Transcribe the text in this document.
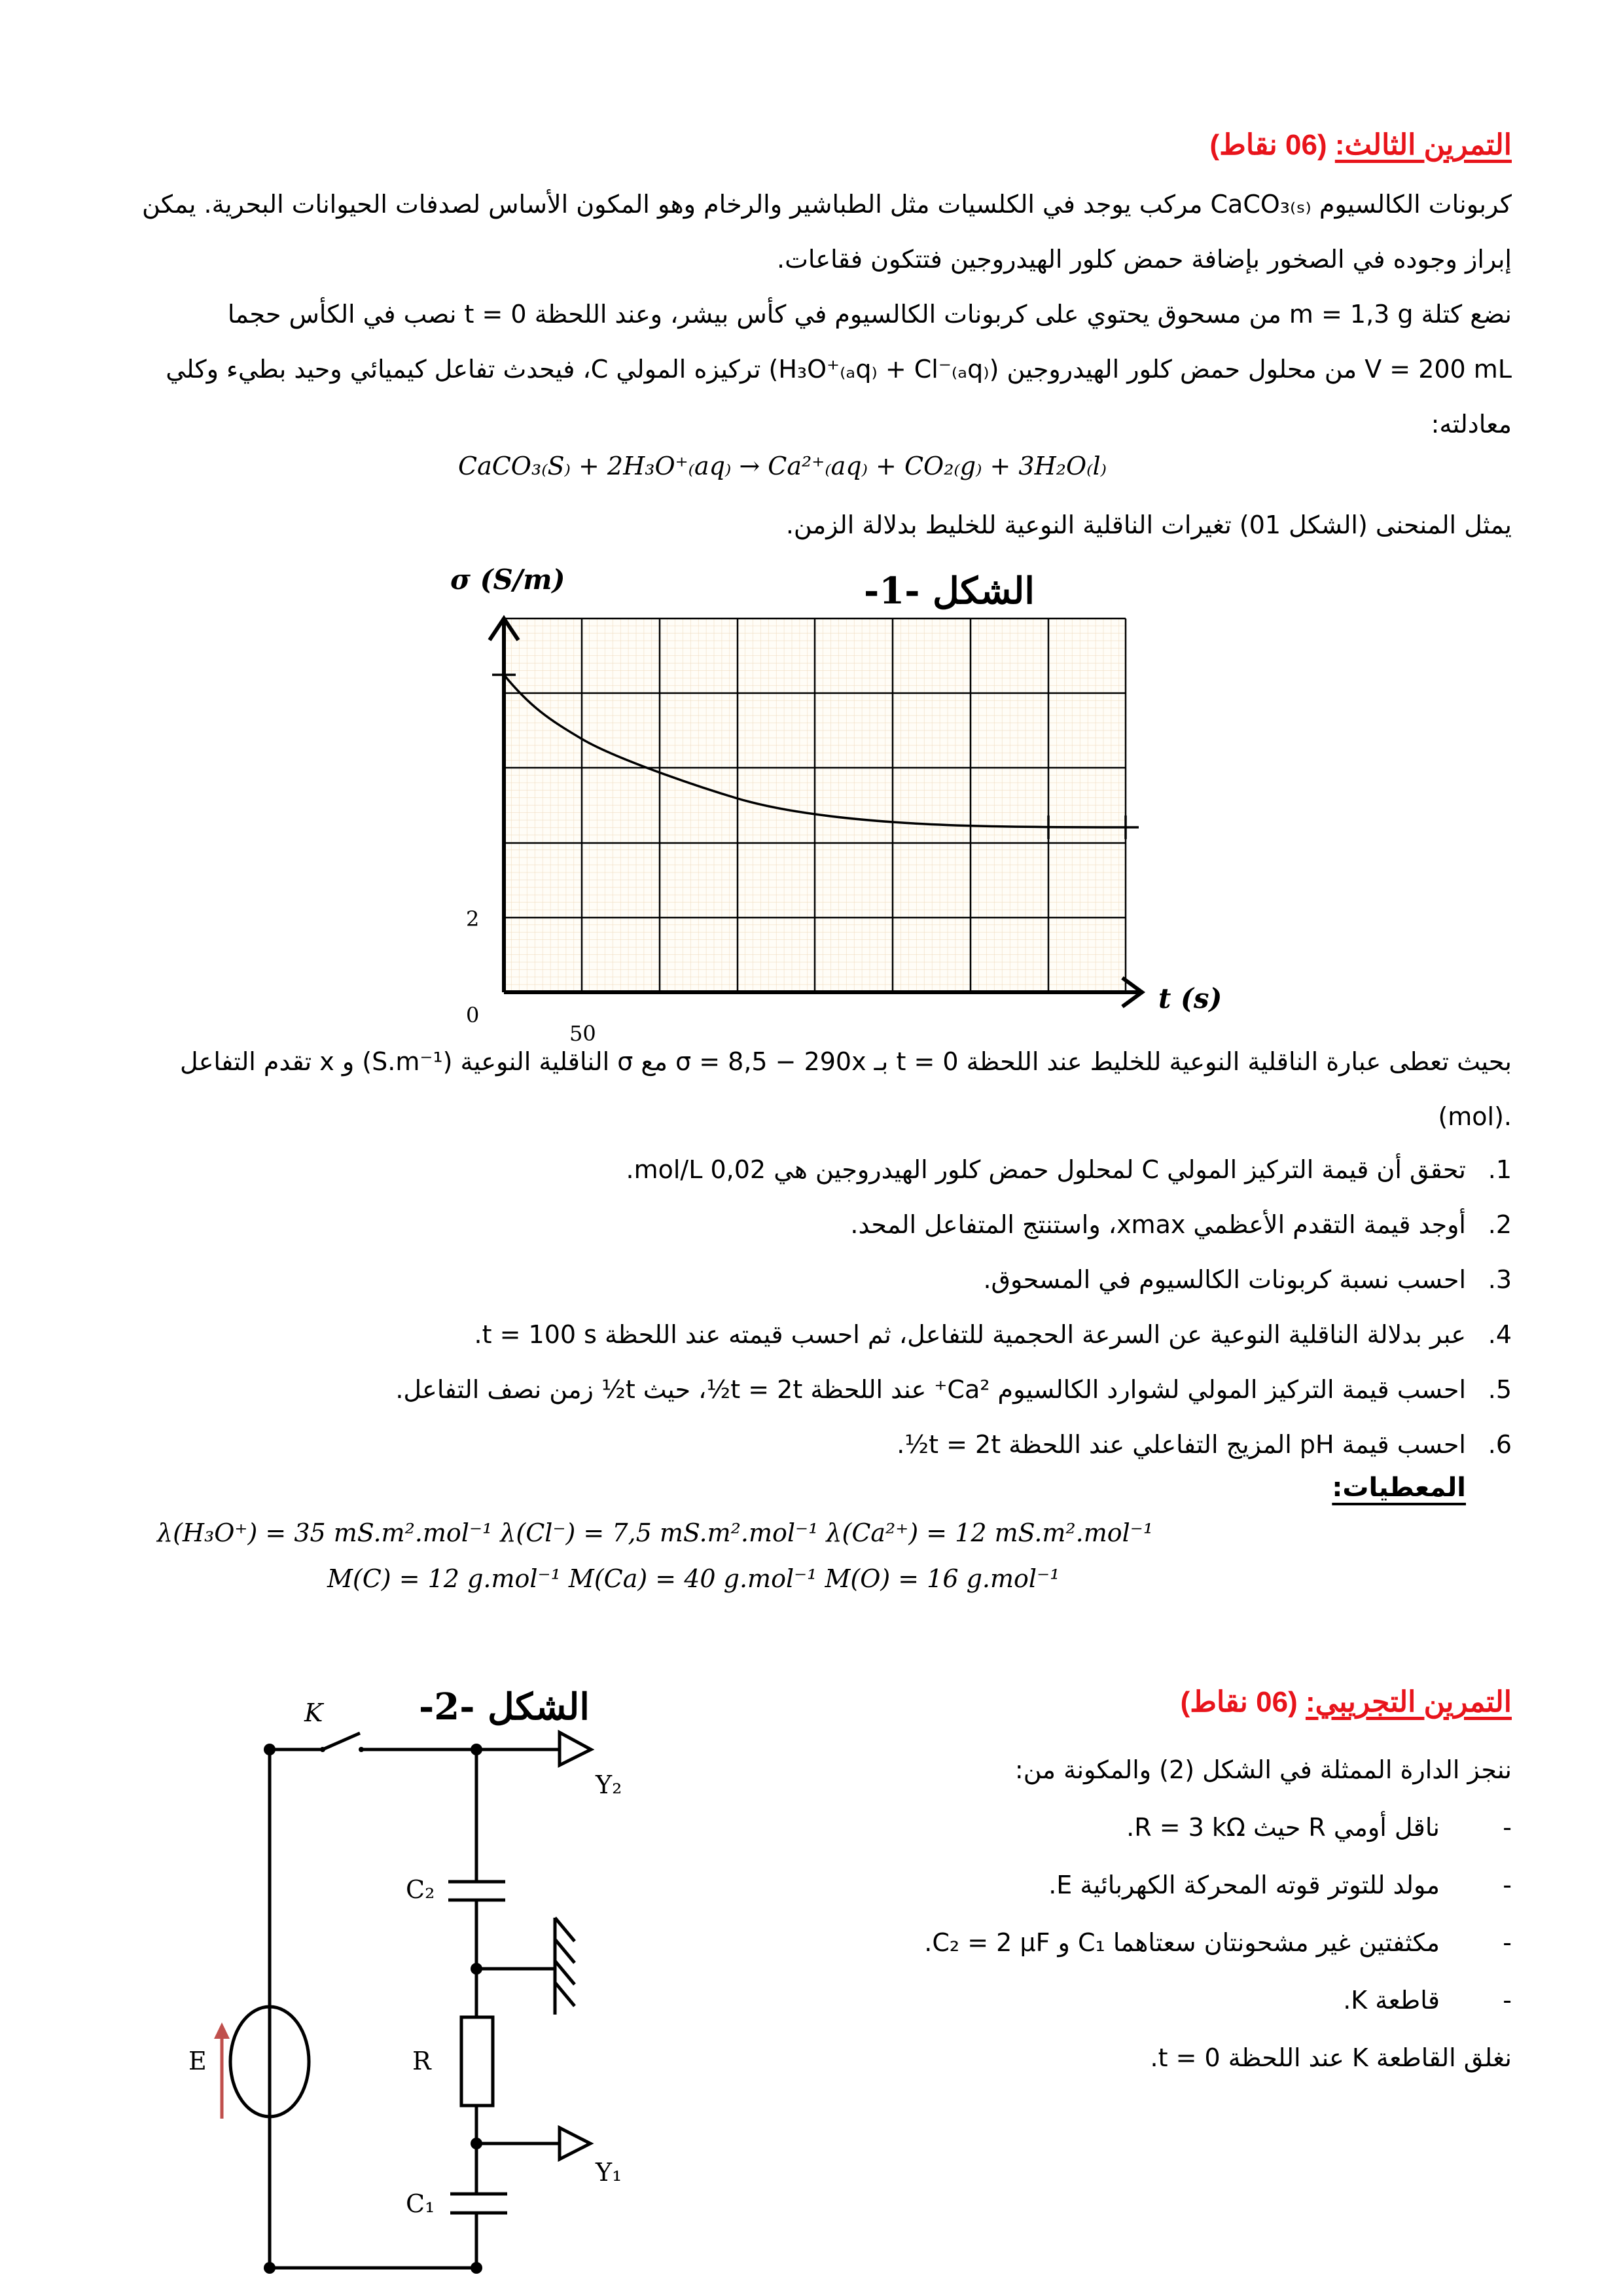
التمرين الثالث: (06 نقاط)
كربونات الكالسيوم CaCO₃₍ₛ₎ مركب يوجد في الكلسيات مثل الطباشير والرخام وهو المكون الأساس لصدفات الحيوانات البحرية. يمكن
إبراز وجوده في الصخور بإضافة حمض كلور الهيدروجين فتتكون فقاعات.
نضع كتلة m = 1,3 g من مسحوق يحتوي على كربونات الكالسيوم في كأس بيشر، وعند اللحظة t = 0 نصب في الكأس حجما
V = 200 mL من محلول حمض كلور الهيدروجين (H₃O⁺₍ₐq₎ + Cl⁻₍ₐq₎) تركيزه المولي C، فيحدث تفاعل كيميائي وحيد بطيء وكلي
معادلته:
CaCO₃₍S₎ + 2H₃O⁺₍aq₎ → Ca²⁺₍aq₎ + CO₂₍g₎ + 3H₂O₍l₎
يمثل المنحنى (الشكل 01) تغيرات الناقلية النوعية للخليط بدلالة الزمن.
σ (S/m)
t (s)
2
0
50
الشكل -1-
بحيث تعطى عبارة الناقلية النوعية للخليط عند اللحظة t = 0 بـ σ = 8,5 − 290x مع σ الناقلية النوعية (S.m⁻¹) و x تقدم التفاعل
.(mol)
1.تحقق أن قيمة التركيز المولي C لمحلول حمض كلور الهيدروجين هي 0,02 mol/L.
2.أوجد قيمة التقدم الأعظمي xmax، واستنتج المتفاعل المحد.
3.احسب نسبة كربونات الكالسيوم في المسحوق.
4.عبر بدلالة الناقلية النوعية عن السرعة الحجمية للتفاعل، ثم احسب قيمته عند اللحظة t = 100 s.
5.احسب قيمة التركيز المولي لشوارد الكالسيوم Ca²⁺ عند اللحظة t = 2t½، حيث t½ زمن نصف التفاعل.
6.احسب قيمة pH المزيج التفاعلي عند اللحظة t = 2t½.
المعطيات:
λ(H₃O⁺) = 35 mS.m².mol⁻¹ λ(Cl⁻) = 7,5 mS.m².mol⁻¹ λ(Ca²⁺) = 12 mS.m².mol⁻¹
M(C) = 12 g.mol⁻¹ M(Ca) = 40 g.mol⁻¹ M(O) = 16 g.mol⁻¹
التمرين التجريبي: (06 نقاط)
ننجز الدارة الممثلة في الشكل (2) والمكونة من:
-ناقل أومي R حيث R = 3 kΩ.
-مولد للتوتر قوته المحركة الكهربائية E.
-مكثفتين غير مشحونتان سعتاهما C₁ و C₂ = 2 μF.
-قاطعة K.
نغلق القاطعة K عند اللحظة t = 0.
الشكل -2-
K
Y₂
C₂
E	R
Y₁
C₁
